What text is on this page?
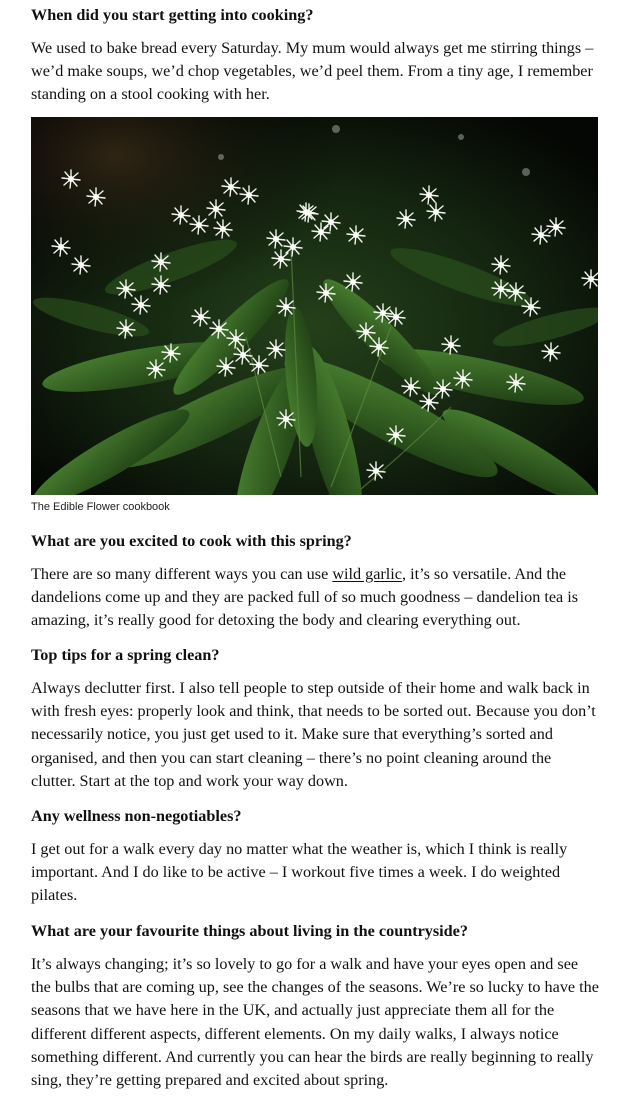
When did you start getting into cooking?

We used to bake bread every Saturday. My mum would always get me stirring things – we’d make soups, we’d chop vegetables, we’d peel them. From a tiny age, I remember standing on a stool cooking with her.

The Edible Flower cookbook
What are you excited to cook with this spring?

There are so many different ways you can use wild garlic, it’s so versatile. And the dandelions come up and they are packed full of so much goodness – dandelion tea is amazing, it’s really good for detoxing the body and clearing everything out.

Top tips for a spring clean?

Always declutter first. I also tell people to step outside of their home and walk back in with fresh eyes: properly look and think, that needs to be sorted out. Because you don’t necessarily notice, you just get used to it. Make sure that everything’s sorted and organised, and then you can start cleaning – there’s no point cleaning around the clutter. Start at the top and work your way down.

Any wellness non-negotiables?

I get out for a walk every day no matter what the weather is, which I think is really important. And I do like to be active – I workout five times a week. I do weighted pilates.

What are your favourite things about living in the countryside?

It’s always changing; it’s so lovely to go for a walk and have your eyes open and see the bulbs that are coming up, see the changes of the seasons. We’re so lucky to have the seasons that we have here in the UK, and actually just appreciate them all for the different different aspects, different elements. On my daily walks, I always notice something different. And currently you can hear the birds are really beginning to really sing, they’re getting prepared and excited about spring.
